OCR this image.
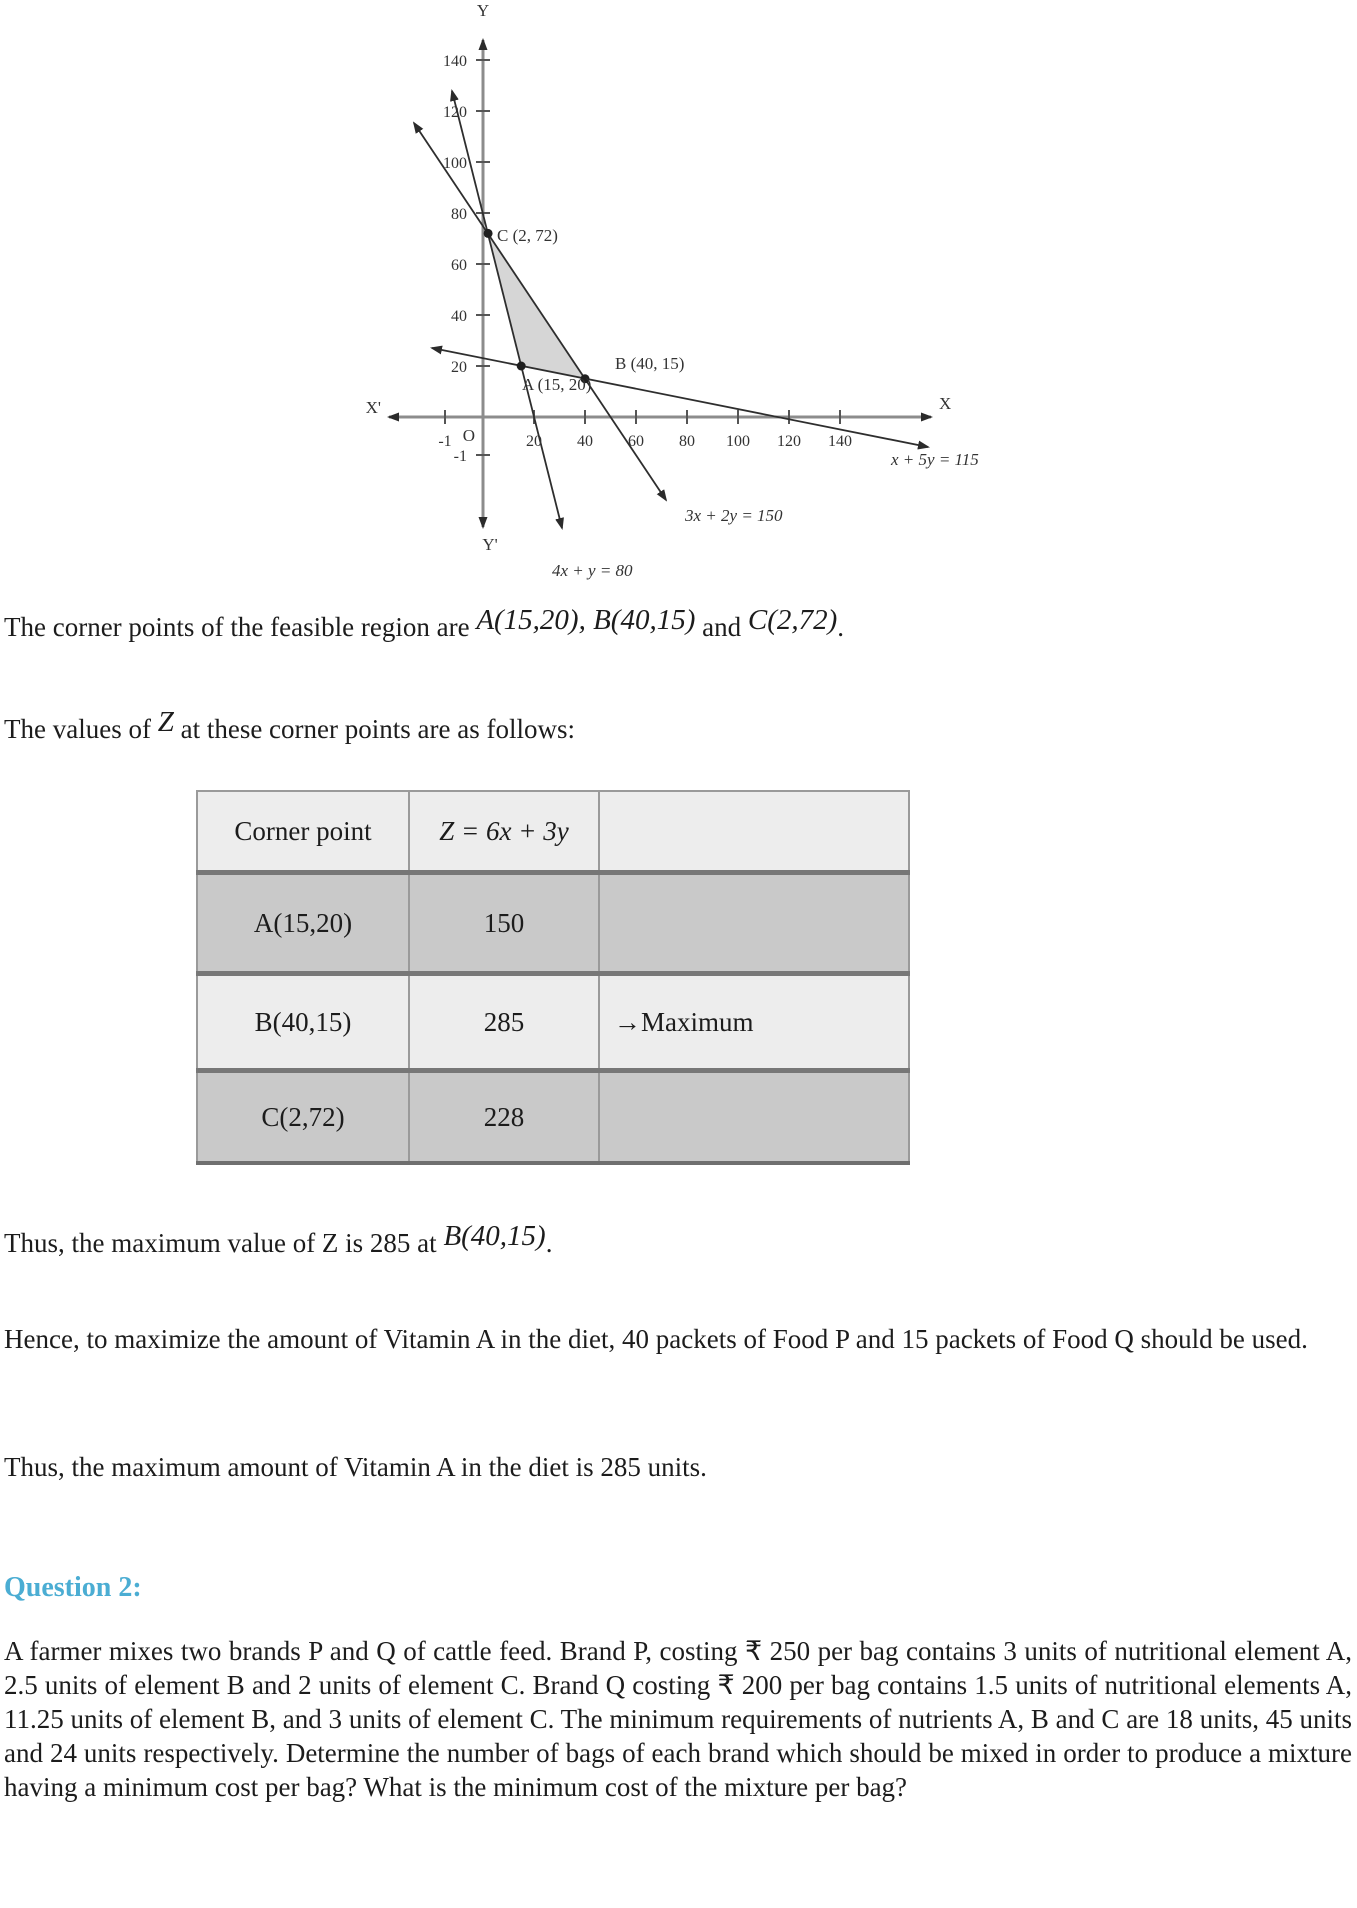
Y
Y'
X'	X
O	20 40 60 80 100 120 140
-1
20
40
60
80
100
120
140
-1
C (2, 72)
A (15, 20)
B (40, 15)
x + 5y = 115
3x + 2y = 150
4x + y = 80
The corner points of the feasible region are A(15,20), B(40,15) and C(2,72).
The values of Z at these corner points are as follows:
Corner point	Z = 6x + 3y	
A(15,20)	150	
B(40,15)	285	→Maximum
C(2,72)	228	
Thus, the maximum value of Z is 285 at B(40,15).
Hence, to maximize the amount of Vitamin A in the diet, 40 packets of Food P and 15 packets of Food Q should be used.
Thus, the maximum amount of Vitamin A in the diet is 285 units.
Question 2:
A farmer mixes two brands P and Q of cattle feed. Brand P, costing ₹ 250 per bag contains 3 units of nutritional element A, 2.5 units of element B and 2 units of element C. Brand Q costing ₹ 200 per bag contains 1.5 units of nutritional elements A, 11.25 units of element B, and 3 units of element C. The minimum requirements of nutrients A, B and C are 18 units, 45 units and 24 units respectively. Determine the number of bags of each brand which should be mixed in order to produce a mixture having a minimum cost per bag? What is the minimum cost of the mixture per bag?
